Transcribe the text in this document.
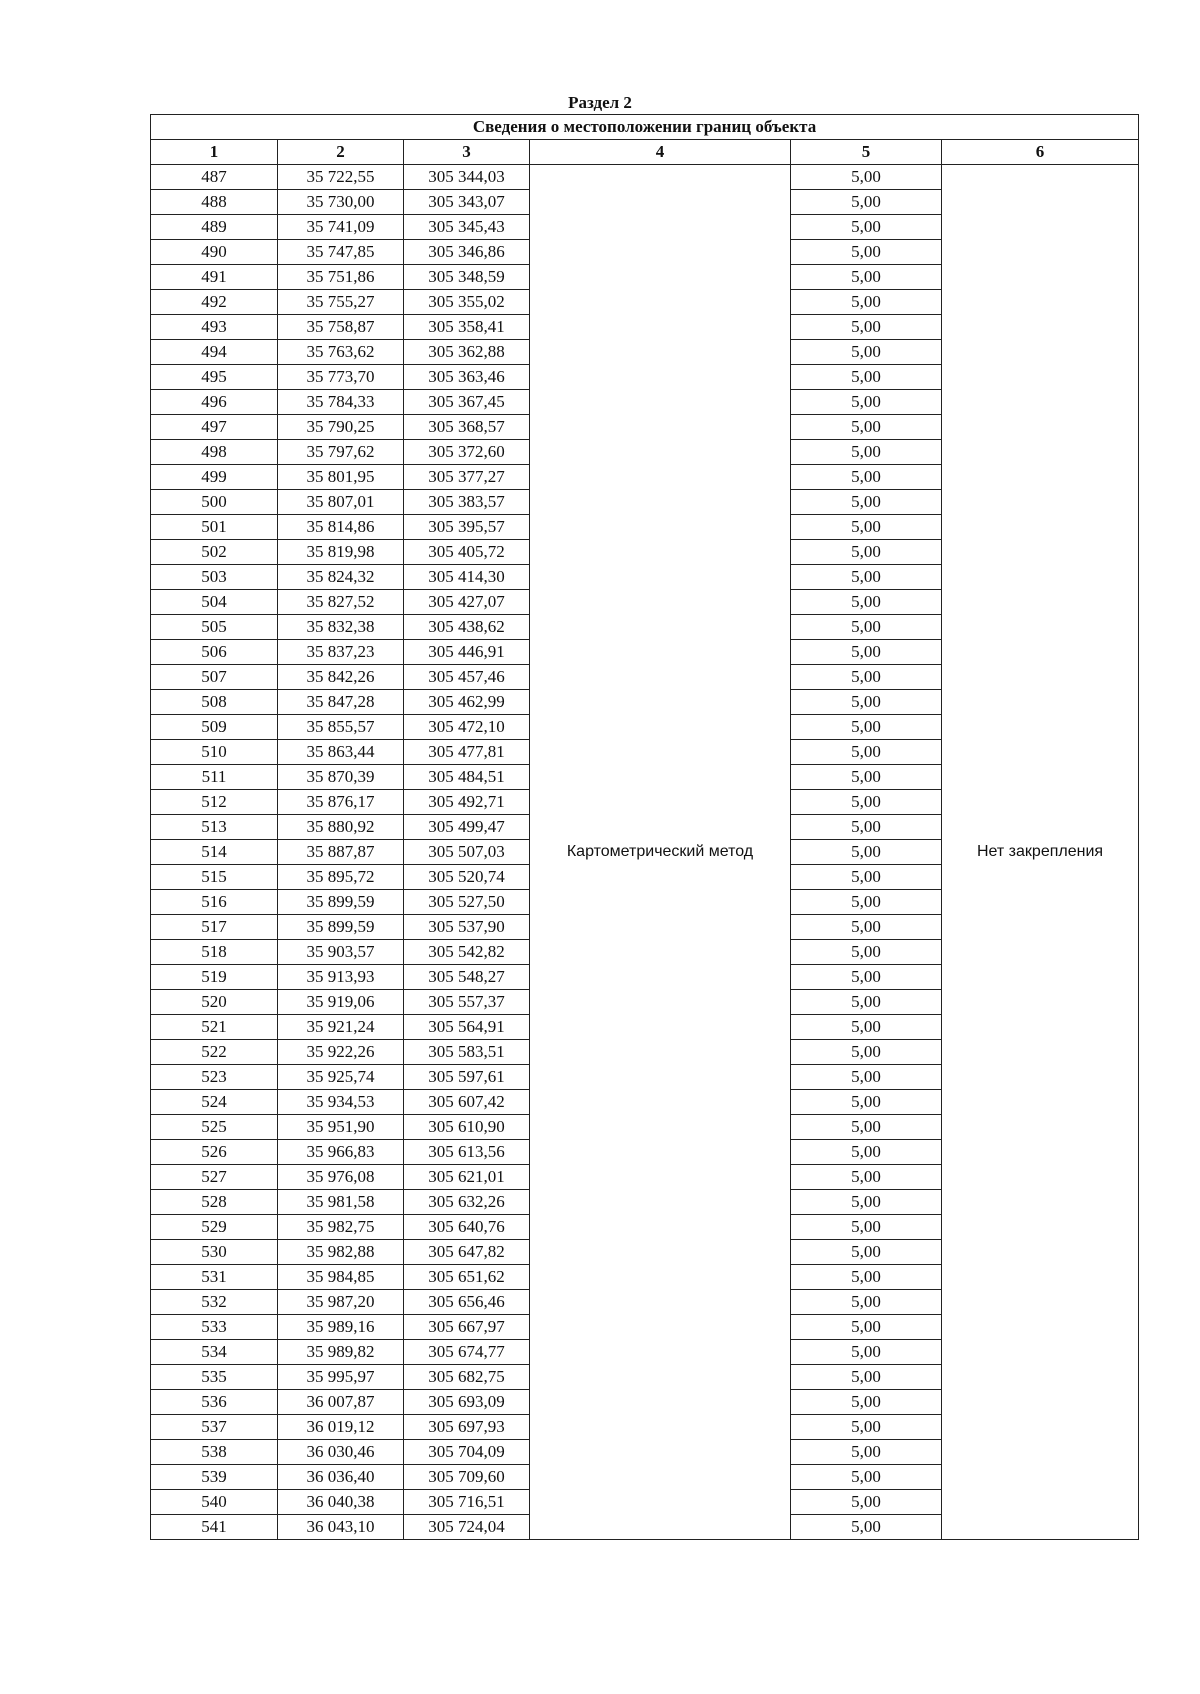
Раздел 2
Сведения о местоположении границ объекта					
1	2	3	4	5	6
487	35 722,55	305 344,03	Картометрический метод	5,00	Нет закрепления
488	35 730,00	305 343,07		5,00	
489	35 741,09	305 345,43		5,00	
490	35 747,85	305 346,86		5,00	
491	35 751,86	305 348,59		5,00	
492	35 755,27	305 355,02		5,00	
493	35 758,87	305 358,41		5,00	
494	35 763,62	305 362,88		5,00	
495	35 773,70	305 363,46		5,00	
496	35 784,33	305 367,45		5,00	
497	35 790,25	305 368,57		5,00	
498	35 797,62	305 372,60		5,00	
499	35 801,95	305 377,27		5,00	
500	35 807,01	305 383,57		5,00	
501	35 814,86	305 395,57		5,00	
502	35 819,98	305 405,72		5,00	
503	35 824,32	305 414,30		5,00	
504	35 827,52	305 427,07		5,00	
505	35 832,38	305 438,62		5,00	
506	35 837,23	305 446,91		5,00	
507	35 842,26	305 457,46		5,00	
508	35 847,28	305 462,99		5,00	
509	35 855,57	305 472,10		5,00	
510	35 863,44	305 477,81		5,00	
511	35 870,39	305 484,51		5,00	
512	35 876,17	305 492,71		5,00	
513	35 880,92	305 499,47		5,00	
514	35 887,87	305 507,03		5,00	
515	35 895,72	305 520,74		5,00	
516	35 899,59	305 527,50		5,00	
517	35 899,59	305 537,90		5,00	
518	35 903,57	305 542,82		5,00	
519	35 913,93	305 548,27		5,00	
520	35 919,06	305 557,37		5,00	
521	35 921,24	305 564,91		5,00	
522	35 922,26	305 583,51		5,00	
523	35 925,74	305 597,61		5,00	
524	35 934,53	305 607,42		5,00	
525	35 951,90	305 610,90		5,00	
526	35 966,83	305 613,56		5,00	
527	35 976,08	305 621,01		5,00	
528	35 981,58	305 632,26		5,00	
529	35 982,75	305 640,76		5,00	
530	35 982,88	305 647,82		5,00	
531	35 984,85	305 651,62		5,00	
532	35 987,20	305 656,46		5,00	
533	35 989,16	305 667,97		5,00	
534	35 989,82	305 674,77		5,00	
535	35 995,97	305 682,75		5,00	
536	36 007,87	305 693,09		5,00	
537	36 019,12	305 697,93		5,00	
538	36 030,46	305 704,09		5,00	
539	36 036,40	305 709,60		5,00	
540	36 040,38	305 716,51		5,00	
541	36 043,10	305 724,04		5,00	
